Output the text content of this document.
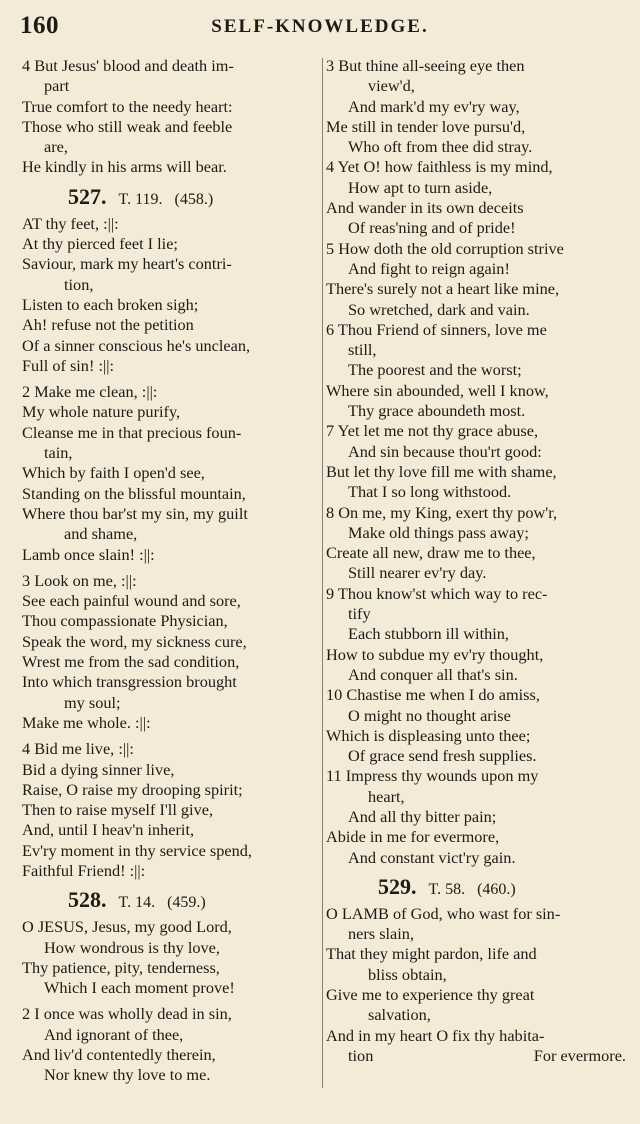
160	SELF-KNOWLEDGE.
4 But Jesus' blood and death im-
part
True comfort to the needy heart:
Those who still weak and feeble
are,
He kindly in his arms will bear.
527. T. 119. (458.)
AT thy feet, :||:
At thy pierced feet I lie;
Saviour, mark my heart's contri-
tion,
Listen to each broken sigh;
Ah! refuse not the petition
Of a sinner conscious he's unclean,
Full of sin! :||:
2 Make me clean, :||:
My whole nature purify,
Cleanse me in that precious foun-
tain,
Which by faith I open'd see,
Standing on the blissful mountain,
Where thou bar'st my sin, my guilt
and shame,
Lamb once slain! :||:
3 Look on me, :||:
See each painful wound and sore,
Thou compassionate Physician,
Speak the word, my sickness cure,
Wrest me from the sad condition,
Into which transgression brought
my soul;
Make me whole. :||:
4 Bid me live, :||:
Bid a dying sinner live,
Raise, O raise my drooping spirit;
Then to raise myself I'll give,
And, until I heav'n inherit,
Ev'ry moment in thy service spend,
Faithful Friend! :||:
528. T. 14. (459.)
O JESUS, Jesus, my good Lord,
How wondrous is thy love,
Thy patience, pity, tenderness,
Which I each moment prove!
2 I once was wholly dead in sin,
And ignorant of thee,
And liv'd contentedly therein,
Nor knew thy love to me.
3 But thine all-seeing eye then
view'd,
And mark'd my ev'ry way,
Me still in tender love pursu'd,
Who oft from thee did stray.
4 Yet O! how faithless is my mind,
How apt to turn aside,
And wander in its own deceits
Of reas'ning and of pride!
5 How doth the old corruption strive
And fight to reign again!
There's surely not a heart like mine,
So wretched, dark and vain.
6 Thou Friend of sinners, love me
still,
The poorest and the worst;
Where sin abounded, well I know,
Thy grace aboundeth most.
7 Yet let me not thy grace abuse,
And sin because thou'rt good:
But let thy love fill me with shame,
That I so long withstood.
8 On me, my King, exert thy pow'r,
Make old things pass away;
Create all new, draw me to thee,
Still nearer ev'ry day.
9 Thou know'st which way to rec-
tify
Each stubborn ill within,
How to subdue my ev'ry thought,
And conquer all that's sin.
10 Chastise me when I do amiss,
O might no thought arise
Which is displeasing unto thee;
Of grace send fresh supplies.
11 Impress thy wounds upon my
heart,
And all thy bitter pain;
Abide in me for evermore,
And constant vict'ry gain.
529. T. 58. (460.)
O LAMB of God, who wast for sin-
ners slain,
That they might pardon, life and
bliss obtain,
Give me to experience thy great
salvation,
And in my heart O fix thy habita-
tion	For evermore.
